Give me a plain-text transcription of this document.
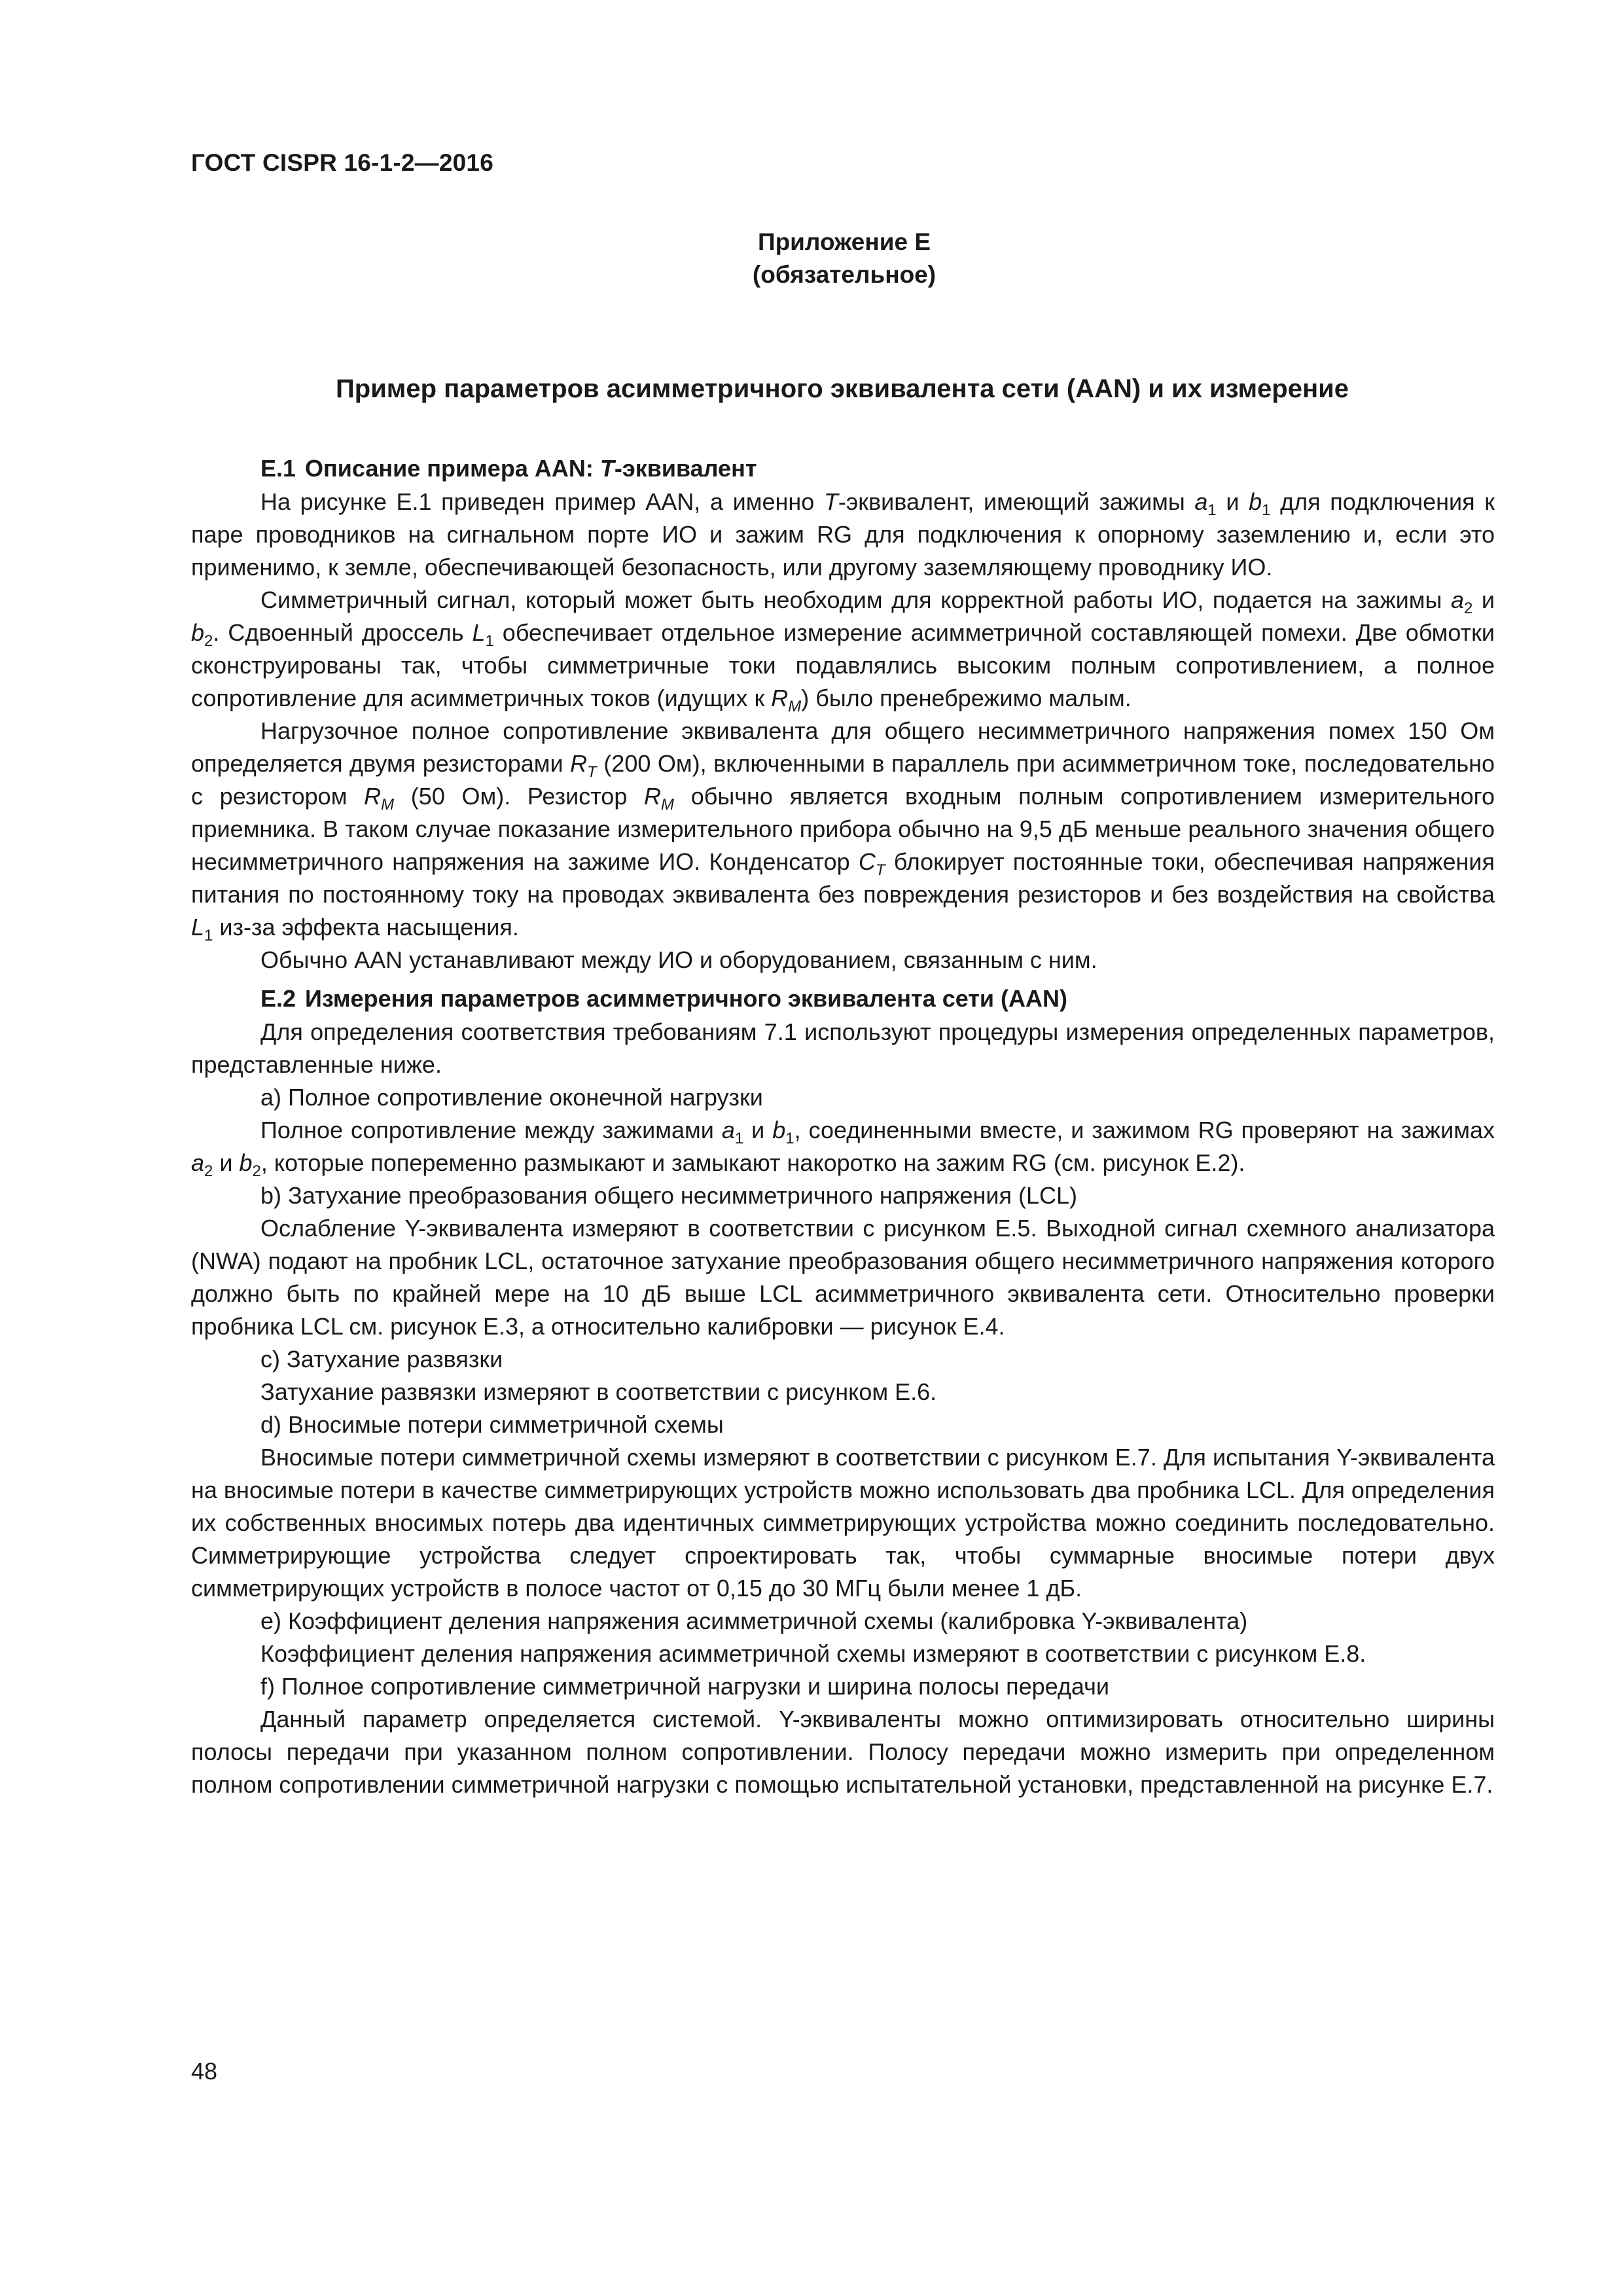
ГОСТ CISPR 16-1-2—2016
Приложение Е
(обязательное)
Пример параметров асимметричного эквивалента сети (AAN) и их измерение
Е.1 Описание примера AAN: T-эквивалент

На рисунке Е.1 приведен пример AAN, а именно T-эквивалент, имеющий зажимы $a_1$ и $b_1$ для подключения к паре проводников на сигнальном порте ИО и зажим RG для подключения к опорному заземлению и, если это применимо, к земле, обеспечивающей безопасность, или другому заземляющему проводнику ИО.

Симметричный сигнал, который может быть необходим для корректной работы ИО, подается на зажимы $a_2$ и $b_2$. Сдвоенный дроссель $L_1$ обеспечивает отдельное измерение асимметричной составляющей помехи. Две обмотки сконструированы так, чтобы симметричные токи подавлялись высоким полным сопротивлением, а полное сопротивление для асимметричных токов (идущих к $R_M$) было пренебрежимо малым.

Нагрузочное полное сопротивление эквивалента для общего несимметричного напряжения помех 150 Ом определяется двумя резисторами $R_T$ (200 Ом), включенными в параллель при асимметричном токе, последовательно с резистором $R_M$ (50 Ом). Резистор $R_M$ обычно является входным полным сопротивлением измерительного приемника. В таком случае показание измерительного прибора обычно на 9,5 дБ меньше реального значения общего несимметричного напряжения на зажиме ИО. Конденсатор $C_T$ блокирует постоянные токи, обеспечивая напряжения питания по постоянному току на проводах эквивалента без повреждения резисторов и без воздействия на свойства $L_1$ из-за эффекта насыщения.

Обычно AAN устанавливают между ИО и оборудованием, связанным с ним.

Е.2 Измерения параметров асимметричного эквивалента сети (AAN)

Для определения соответствия требованиям 7.1 используют процедуры измерения определенных параметров, представленные ниже.

a) Полное сопротивление оконечной нагрузки

Полное сопротивление между зажимами $a_1$ и $b_1$, соединенными вместе, и зажимом RG проверяют на зажимах $a_2$ и $b_2$, которые попеременно размыкают и замыкают накоротко на зажим RG (см. рисунок Е.2).

b) Затухание преобразования общего несимметричного напряжения (LCL)

Ослабление Y-эквивалента измеряют в соответствии с рисунком Е.5. Выходной сигнал схемного анализатора (NWA) подают на пробник LCL, остаточное затухание преобразования общего несимметричного напряжения которого должно быть по крайней мере на 10 дБ выше LCL асимметричного эквивалента сети. Относительно проверки пробника LCL см. рисунок Е.3, а относительно калибровки — рисунок Е.4.

c) Затухание развязки

Затухание развязки измеряют в соответствии с рисунком Е.6.

d) Вносимые потери симметричной схемы

Вносимые потери симметричной схемы измеряют в соответствии с рисунком Е.7. Для испытания Y-эквивалента на вносимые потери в качестве симметрирующих устройств можно использовать два пробника LCL. Для определения их собственных вносимых потерь два идентичных симметрирующих устройства можно соединить последовательно. Симметрирующие устройства следует спроектировать так, чтобы суммарные вносимые потери двух симметрирующих устройств в полосе частот от 0,15 до 30 МГц были менее 1 дБ.

e) Коэффициент деления напряжения асимметричной схемы (калибровка Y-эквивалента)

Коэффициент деления напряжения асимметричной схемы измеряют в соответствии с рисунком Е.8.

f) Полное сопротивление симметричной нагрузки и ширина полосы передачи

Данный параметр определяется системой. Y-эквиваленты можно оптимизировать относительно ширины полосы передачи при указанном полном сопротивлении. Полосу передачи можно измерить при определенном полном сопротивлении симметричной нагрузки с помощью испытательной установки, представленной на рисунке Е.7.

48
